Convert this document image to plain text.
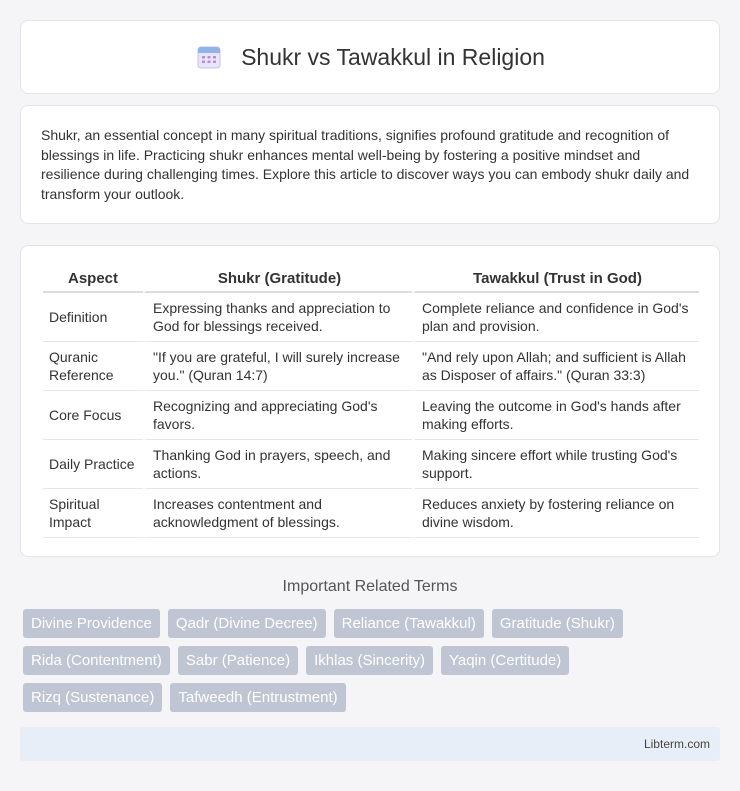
Shukr vs Tawakkul in Religion

Shukr, an essential concept in many spiritual traditions, signifies profound gratitude and recognition of blessings in life. Practicing shukr enhances mental well-being by fostering a positive mindset and resilience during challenging times. Explore this article to discover ways you can embody shukr daily and transform your outlook.

Aspect	Shukr (Gratitude)	Tawakkul (Trust in God)
Definition	Expressing thanks and appreciation to God for blessings received.	Complete reliance and confidence in God's plan and provision.
Quranic Reference	"If you are grateful, I will surely increase you." (Quran 14:7)	"And rely upon Allah; and sufficient is Allah as Disposer of affairs." (Quran 33:3)
Core Focus	Recognizing and appreciating God's favors.	Leaving the outcome in God's hands after making efforts.
Daily Practice	Thanking God in prayers, speech, and actions.	Making sincere effort while trusting God's support.
Spiritual Impact	Increases contentment and acknowledgment of blessings.	Reduces anxiety by fostering reliance on divine wisdom.
Important Related Terms
Divine Providence	Qadr (Divine Decree)	Reliance (Tawakkul)	Gratitude (Shukr)
Rida (Contentment)	Sabr (Patience)	Ikhlas (Sincerity)	Yaqin (Certitude)
Rizq (Sustenance)	Tafweedh (Entrustment)
Libterm.com
